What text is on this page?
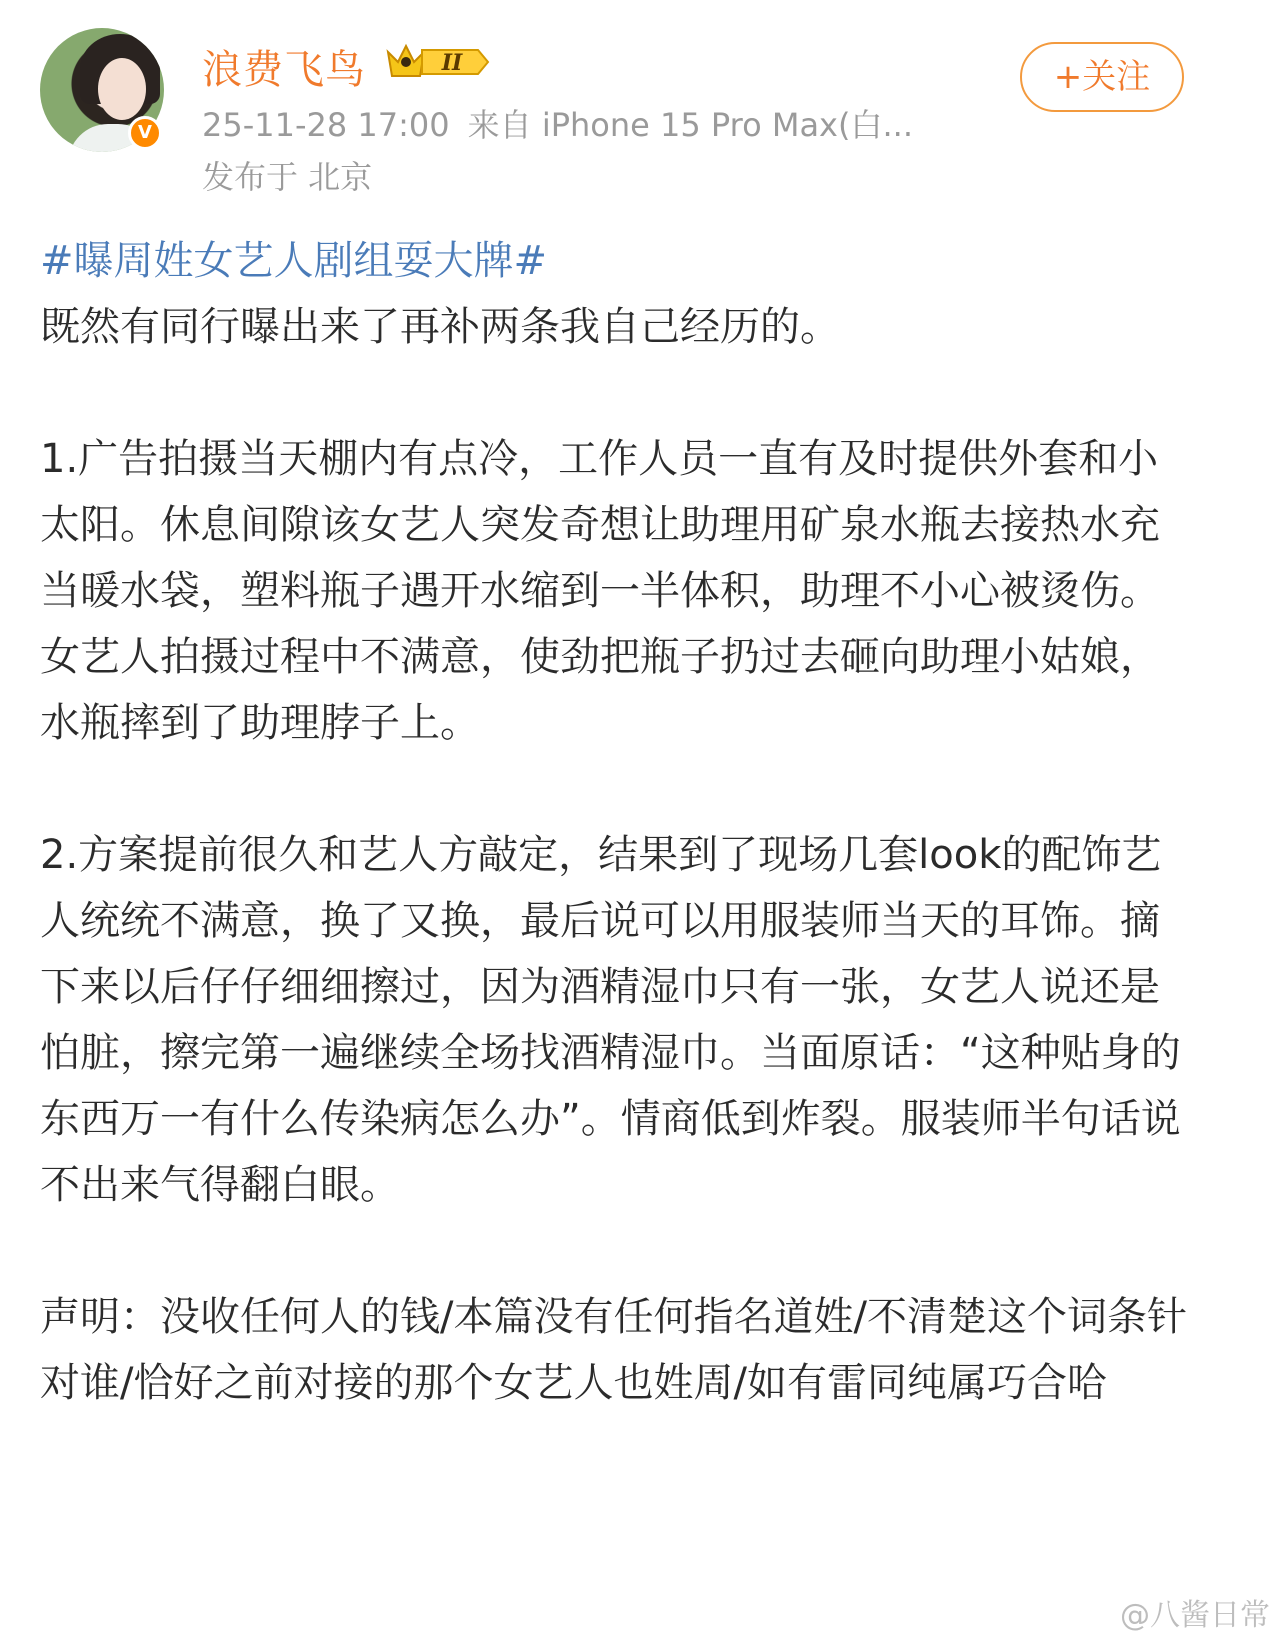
V
浪费飞鸟	II
25-11-28 17:00 来自 iPhone 15 Pro Max(白...
发布于 北京
+关注
#曝周姓女艺人剧组耍大牌#
既然有同行曝出来了再补两条我自己经历的。
1.广告拍摄当天棚内有点冷，工作人员一直有及时提供外套和小太阳。休息间隙该女艺人突发奇想让助理用矿泉水瓶去接热水充当暖水袋，塑料瓶子遇开水缩到一半体积，助理不小心被烫伤。女艺人拍摄过程中不满意，使劲把瓶子扔过去砸向助理小姑娘，水瓶摔到了助理脖子上。
2.方案提前很久和艺人方敲定，结果到了现场几套look的配饰艺人统统不满意，换了又换，最后说可以用服装师当天的耳饰。摘下来以后仔仔细细擦过，因为酒精湿巾只有一张，女艺人说还是怕脏，擦完第一遍继续全场找酒精湿巾。当面原话：“这种贴身的东西万一有什么传染病怎么办”。情商低到炸裂。服装师半句话说不出来气得翻白眼。
声明：没收任何人的钱/本篇没有任何指名道姓/不清楚这个词条针对谁/恰好之前对接的那个女艺人也姓周/如有雷同纯属巧合哈
@八酱日常
